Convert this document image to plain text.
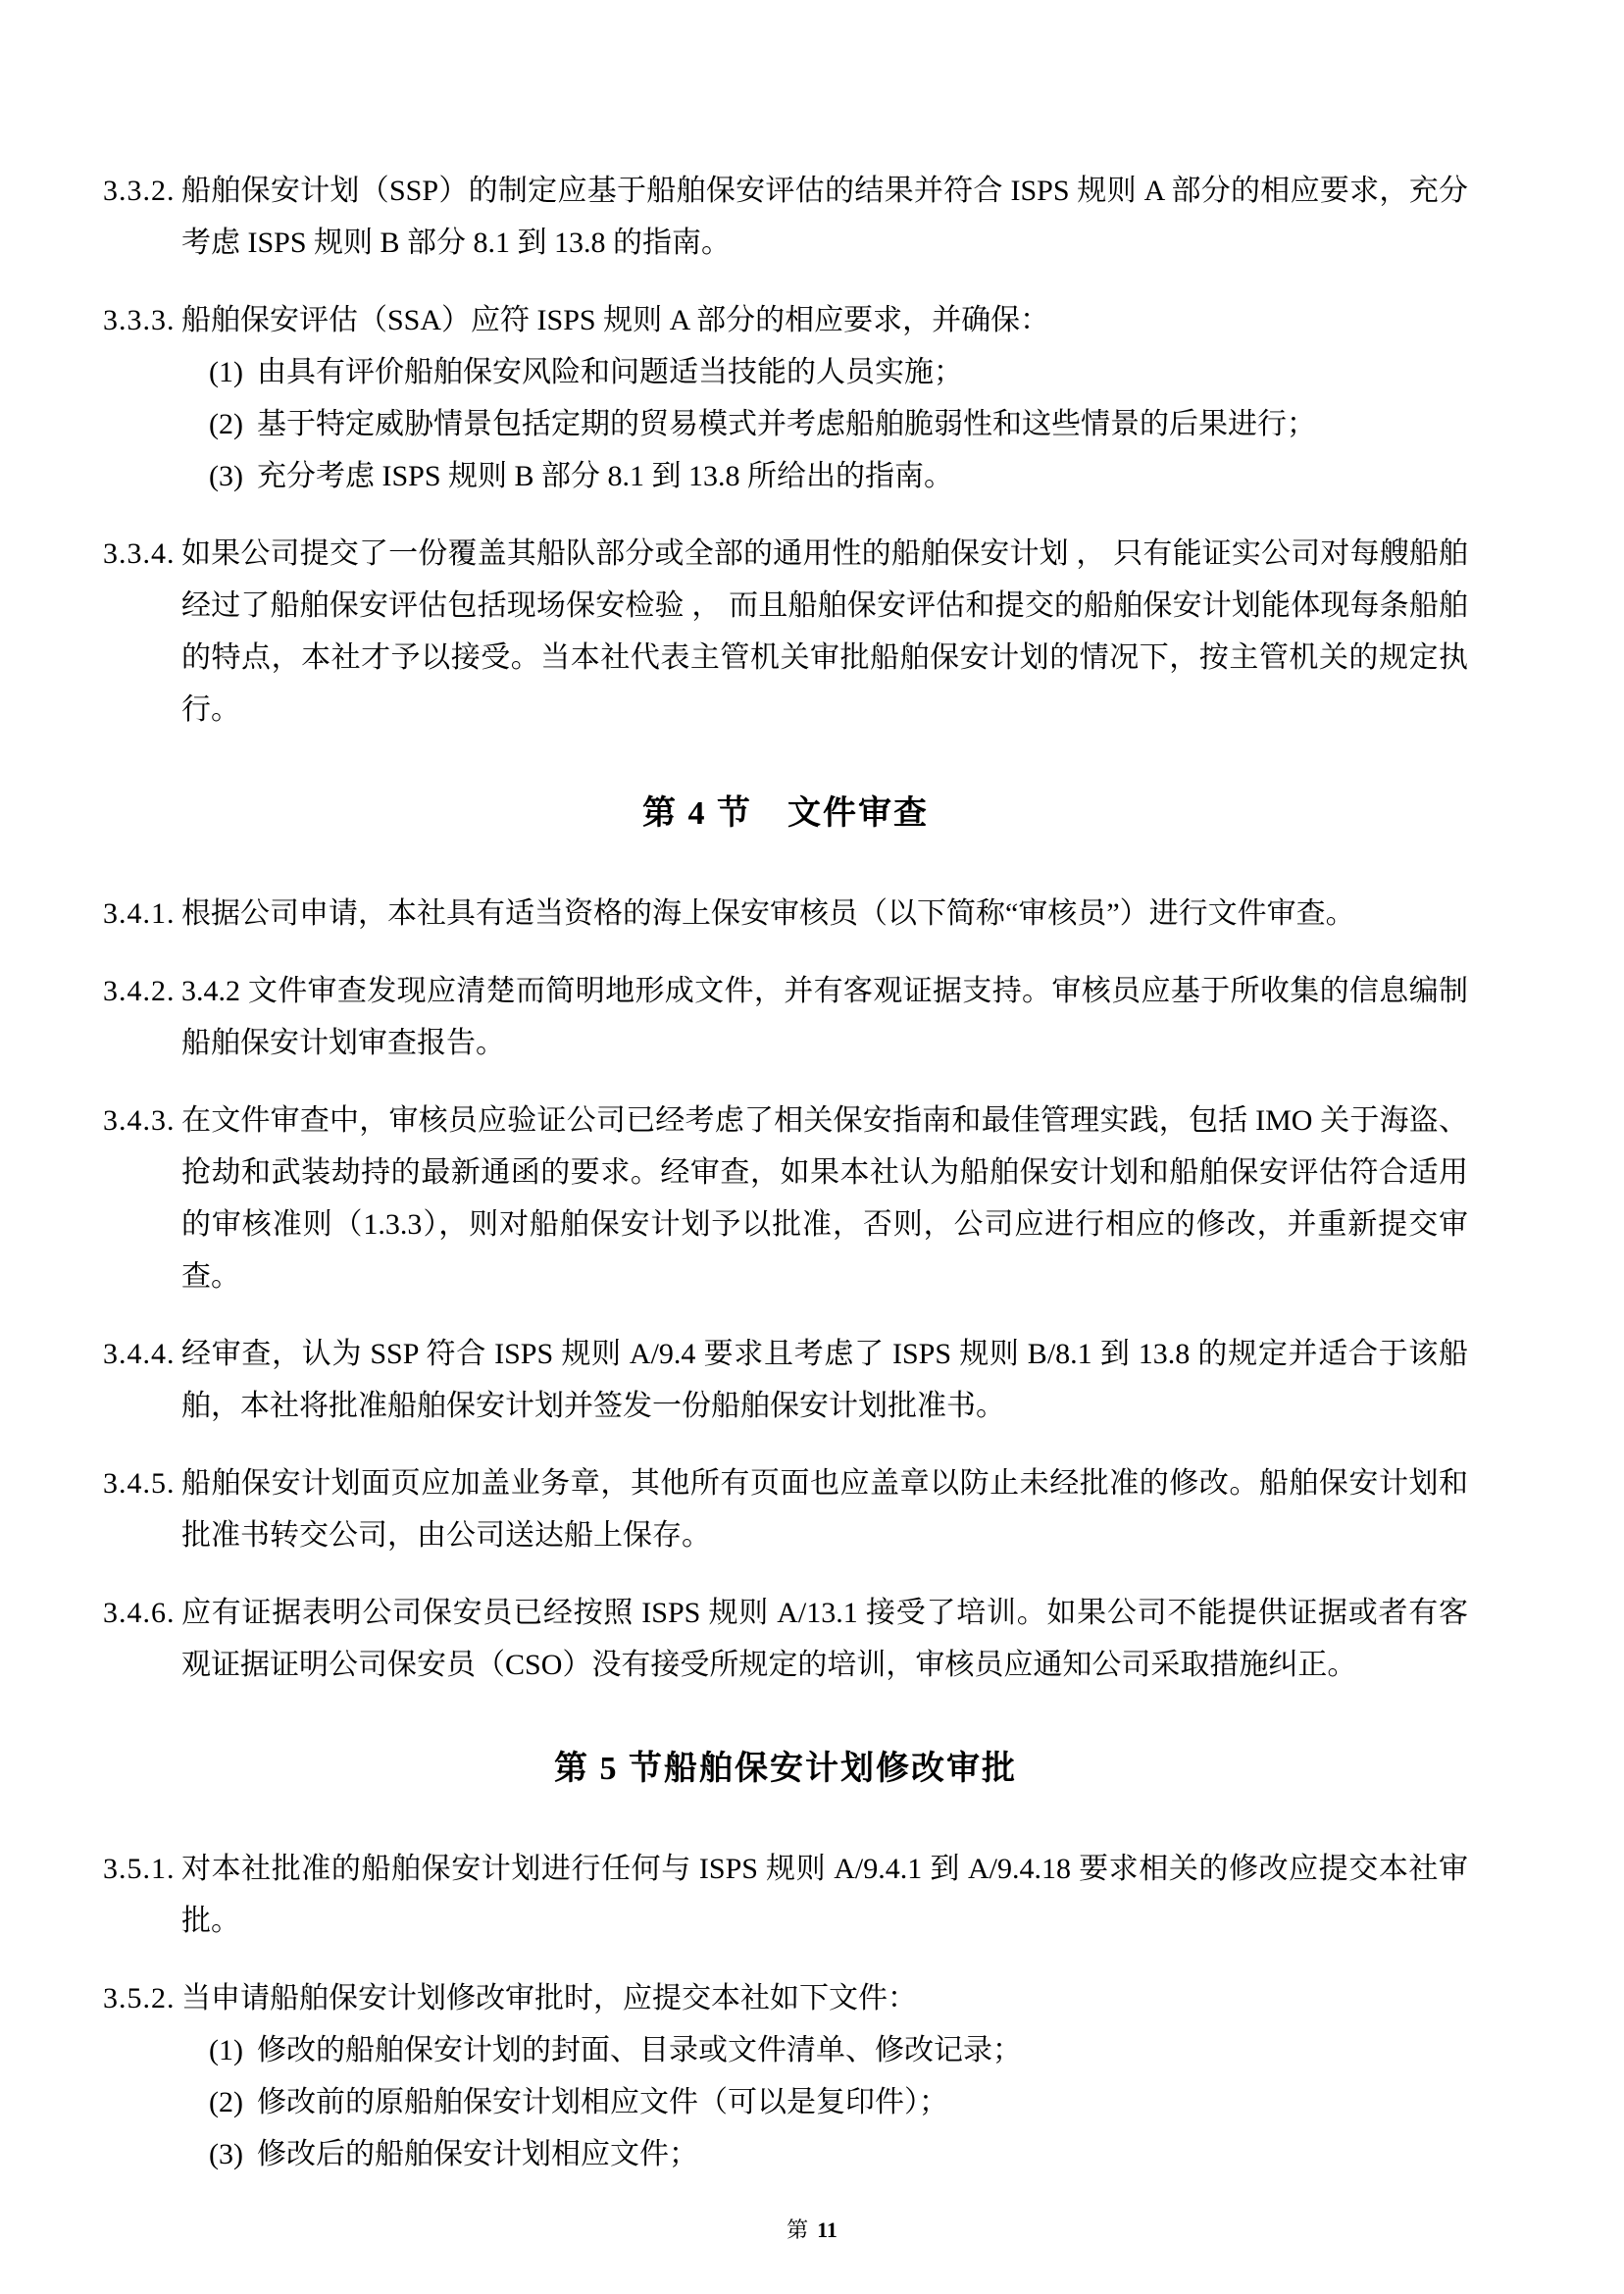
3.3.2. 船舶保安计划（SSP）的制定应基于船舶保安评估的结果并符合 ISPS 规则 A 部分的相应要求，充分考虑 ISPS 规则 B 部分 8.1 到 13.8 的指南。
3.3.3. 船舶保安评估（SSA）应符 ISPS 规则 A 部分的相应要求，并确保：
(1) 由具有评价船舶保安风险和问题适当技能的人员实施；
(2) 基于特定威胁情景包括定期的贸易模式并考虑船舶脆弱性和这些情景的后果进行；
(3) 充分考虑 ISPS 规则 B 部分 8.1 到 13.8 所给出的指南。
3.3.4. 如果公司提交了一份覆盖其船队部分或全部的通用性的船舶保安计划 ， 只有能证实公司对每艘船舶经过了船舶保安评估包括现场保安检验 ， 而且船舶保安评估和提交的船舶保安计划能体现每条船舶的特点，本社才予以接受。当本社代表主管机关审批船舶保安计划的情况下，按主管机关的规定执行。
第 4 节　文件审查
3.4.1. 根据公司申请，本社具有适当资格的海上保安审核员（以下简称“审核员”）进行文件审查。
3.4.2. 3.4.2 文件审查发现应清楚而简明地形成文件，并有客观证据支持。审核员应基于所收集的信息编制船舶保安计划审查报告。
3.4.3. 在文件审查中，审核员应验证公司已经考虑了相关保安指南和最佳管理实践，包括 IMO 关于海盗、抢劫和武装劫持的最新通函的要求。经审查，如果本社认为船舶保安计划和船舶保安评估符合适用的审核准则（1.3.3），则对船舶保安计划予以批准，否则，公司应进行相应的修改，并重新提交审查。
3.4.4. 经审查，认为 SSP 符合 ISPS 规则 A/9.4 要求且考虑了 ISPS 规则 B/8.1 到 13.8 的规定并适合于该船舶，本社将批准船舶保安计划并签发一份船舶保安计划批准书。
3.4.5. 船舶保安计划面页应加盖业务章，其他所有页面也应盖章以防止未经批准的修改。船舶保安计划和批准书转交公司，由公司送达船上保存。
3.4.6. 应有证据表明公司保安员已经按照 ISPS 规则 A/13.1 接受了培训。如果公司不能提供证据或者有客观证据证明公司保安员（CSO）没有接受所规定的培训，审核员应通知公司采取措施纠正。
第 5 节船舶保安计划修改审批
3.5.1. 对本社批准的船舶保安计划进行任何与 ISPS 规则 A/9.4.1 到 A/9.4.18 要求相关的修改应提交本社审批。
3.5.2. 当申请船舶保安计划修改审批时，应提交本社如下文件：
(1) 修改的船舶保安计划的封面、目录或文件清单、修改记录；
(2) 修改前的原船舶保安计划相应文件（可以是复印件）；
(3) 修改后的船舶保安计划相应文件；
第 11
